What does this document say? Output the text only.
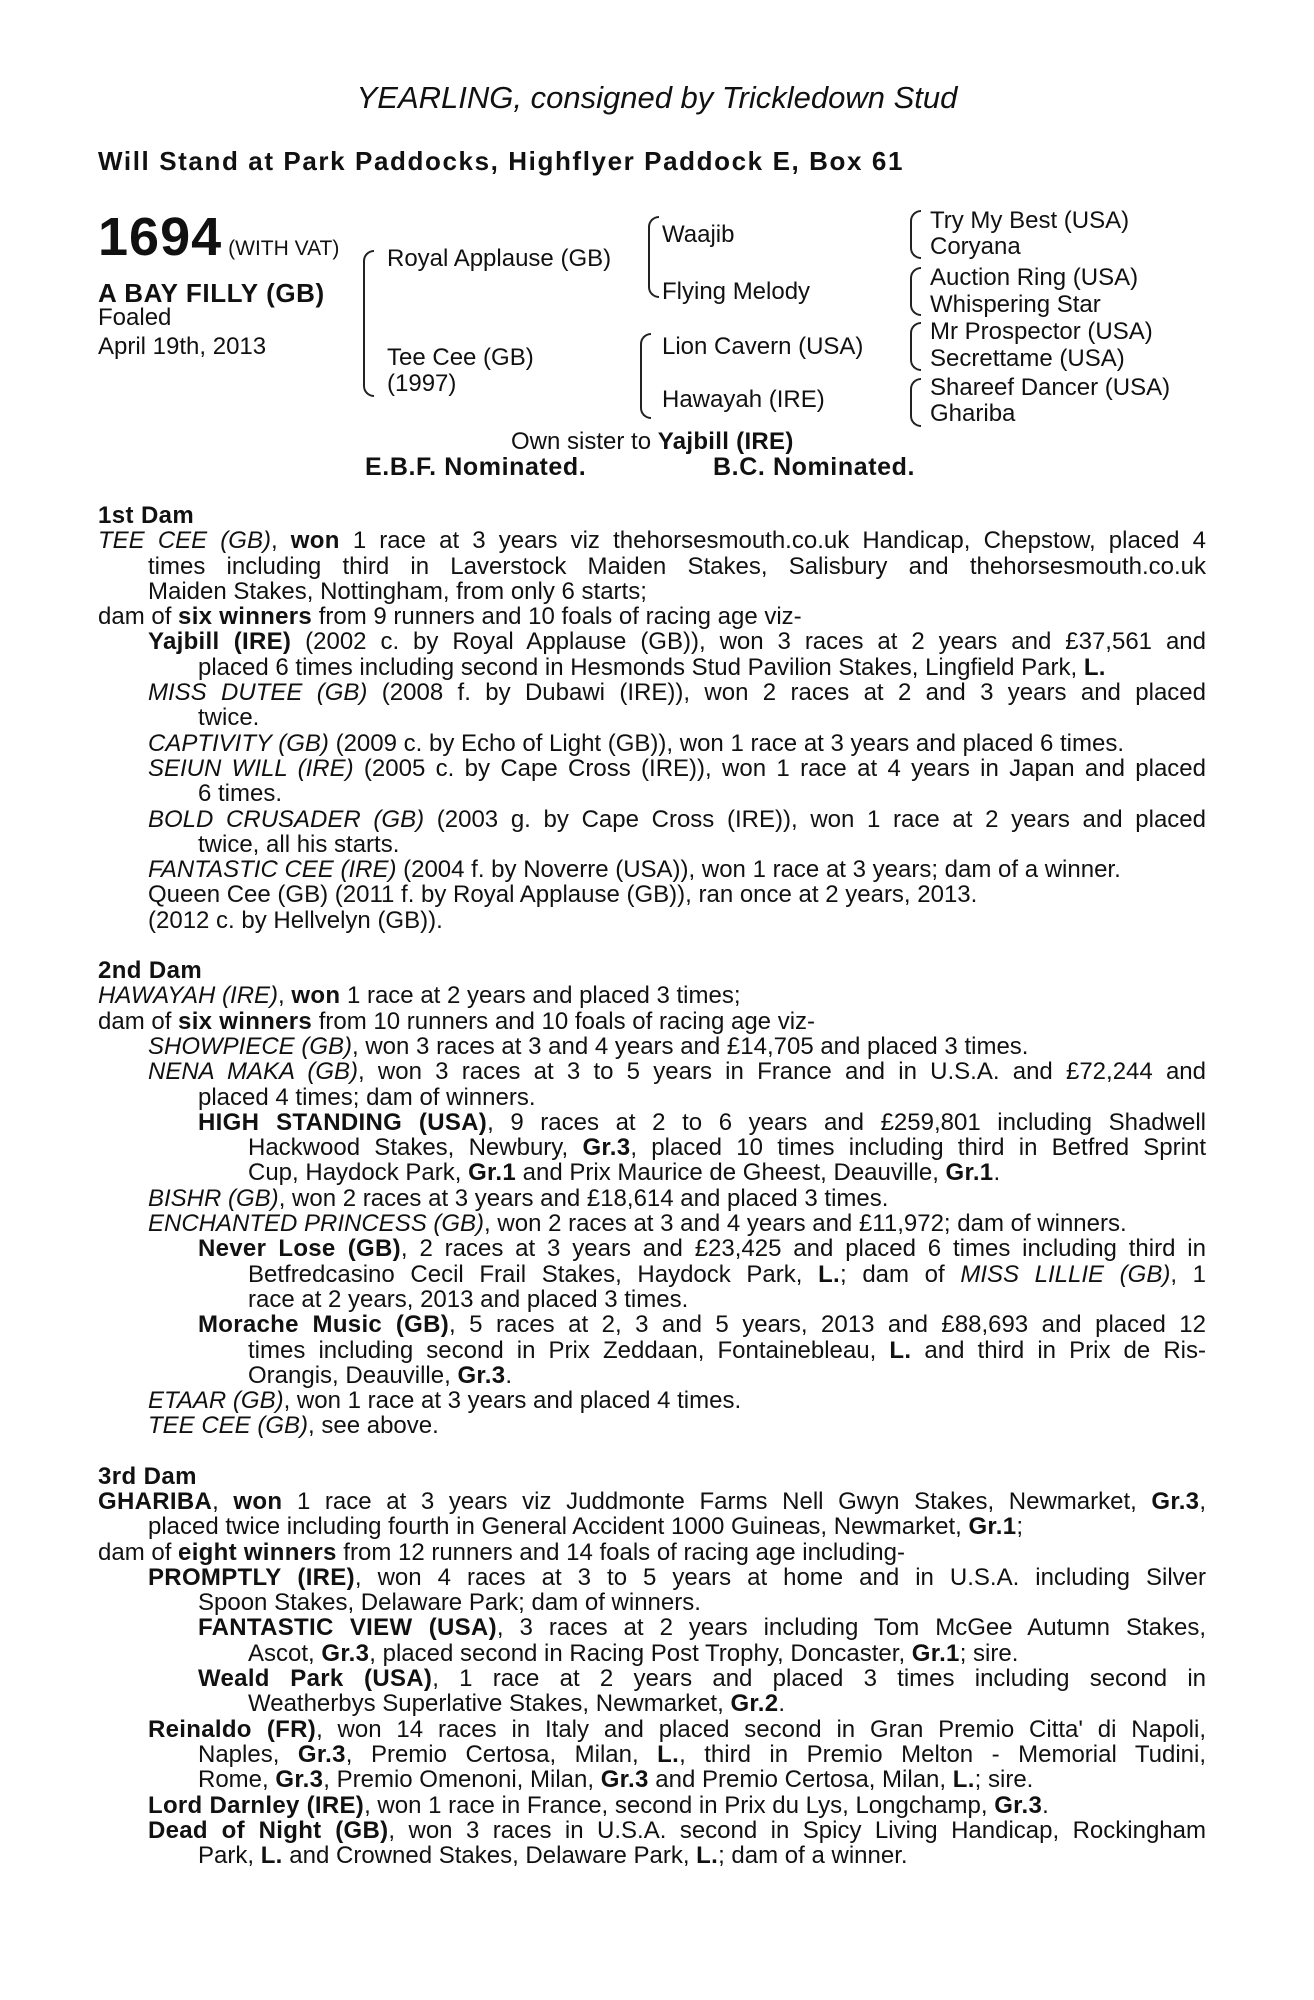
YEARLING, consigned by Trickledown Stud
Will Stand at Park Paddocks, Highflyer Paddock E, Box 61
1694 (WITH VAT)
A BAY FILLY (GB)
Foaled
April 19th, 2013
Royal Applause (GB)
Tee Cee (GB)
(1997)
Waajib
Flying Melody
Lion Cavern (USA)
Hawayah (IRE)
Try My Best (USA)
Coryana
Auction Ring (USA)
Whispering Star
Mr Prospector (USA)
Secrettame (USA)
Shareef Dancer (USA)
Ghariba
Own sister to Yajbill (IRE)
E.B.F. Nominated.	B.C. Nominated.
1st Dam
TEE CEE (GB), won 1 race at 3 years viz thehorsesmouth.co.uk Handicap, Chepstow, placed 4
times including third in Laverstock Maiden Stakes, Salisbury and thehorsesmouth.co.uk
Maiden Stakes, Nottingham, from only 6 starts;
dam of six winners from 9 runners and 10 foals of racing age viz-
Yajbill (IRE) (2002 c. by Royal Applause (GB)), won 3 races at 2 years and £37,561 and
placed 6 times including second in Hesmonds Stud Pavilion Stakes, Lingfield Park, L.
MISS DUTEE (GB) (2008 f. by Dubawi (IRE)), won 2 races at 2 and 3 years and placed
twice.
CAPTIVITY (GB) (2009 c. by Echo of Light (GB)), won 1 race at 3 years and placed 6 times.
SEIUN WILL (IRE) (2005 c. by Cape Cross (IRE)), won 1 race at 4 years in Japan and placed
6 times.
BOLD CRUSADER (GB) (2003 g. by Cape Cross (IRE)), won 1 race at 2 years and placed
twice, all his starts.
FANTASTIC CEE (IRE) (2004 f. by Noverre (USA)), won 1 race at 3 years; dam of a winner.
Queen Cee (GB) (2011 f. by Royal Applause (GB)), ran once at 2 years, 2013.
(2012 c. by Hellvelyn (GB)).
2nd Dam
HAWAYAH (IRE), won 1 race at 2 years and placed 3 times;
dam of six winners from 10 runners and 10 foals of racing age viz-
SHOWPIECE (GB), won 3 races at 3 and 4 years and £14,705 and placed 3 times.
NENA MAKA (GB), won 3 races at 3 to 5 years in France and in U.S.A. and £72,244 and
placed 4 times; dam of winners.
HIGH STANDING (USA), 9 races at 2 to 6 years and £259,801 including Shadwell
Hackwood Stakes, Newbury, Gr.3, placed 10 times including third in Betfred Sprint
Cup, Haydock Park, Gr.1 and Prix Maurice de Gheest, Deauville, Gr.1.
BISHR (GB), won 2 races at 3 years and £18,614 and placed 3 times.
ENCHANTED PRINCESS (GB), won 2 races at 3 and 4 years and £11,972; dam of winners.
Never Lose (GB), 2 races at 3 years and £23,425 and placed 6 times including third in
Betfredcasino Cecil Frail Stakes, Haydock Park, L.; dam of MISS LILLIE (GB), 1
race at 2 years, 2013 and placed 3 times.
Morache Music (GB), 5 races at 2, 3 and 5 years, 2013 and £88,693 and placed 12
times including second in Prix Zeddaan, Fontainebleau, L. and third in Prix de Ris-
Orangis, Deauville, Gr.3.
ETAAR (GB), won 1 race at 3 years and placed 4 times.
TEE CEE (GB), see above.
3rd Dam
GHARIBA, won 1 race at 3 years viz Juddmonte Farms Nell Gwyn Stakes, Newmarket, Gr.3,
placed twice including fourth in General Accident 1000 Guineas, Newmarket, Gr.1;
dam of eight winners from 12 runners and 14 foals of racing age including-
PROMPTLY (IRE), won 4 races at 3 to 5 years at home and in U.S.A. including Silver
Spoon Stakes, Delaware Park; dam of winners.
FANTASTIC VIEW (USA), 3 races at 2 years including Tom McGee Autumn Stakes,
Ascot, Gr.3, placed second in Racing Post Trophy, Doncaster, Gr.1; sire.
Weald Park (USA), 1 race at 2 years and placed 3 times including second in
Weatherbys Superlative Stakes, Newmarket, Gr.2.
Reinaldo (FR), won 14 races in Italy and placed second in Gran Premio Citta' di Napoli,
Naples, Gr.3, Premio Certosa, Milan, L., third in Premio Melton - Memorial Tudini,
Rome, Gr.3, Premio Omenoni, Milan, Gr.3 and Premio Certosa, Milan, L.; sire.
Lord Darnley (IRE), won 1 race in France, second in Prix du Lys, Longchamp, Gr.3.
Dead of Night (GB), won 3 races in U.S.A. second in Spicy Living Handicap, Rockingham
Park, L. and Crowned Stakes, Delaware Park, L.; dam of a winner.
